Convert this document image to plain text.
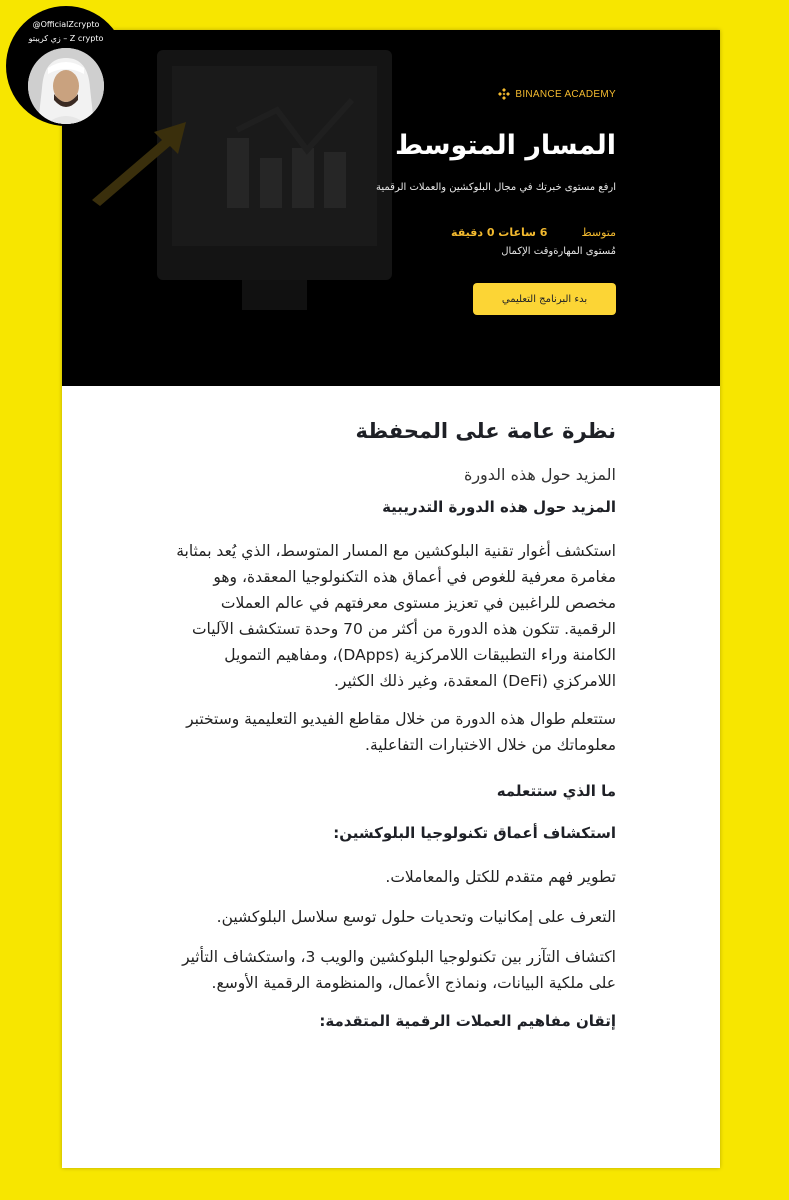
@OfficialZcrypto
زي كريبتو – Z crypto
BINANCE ACADEMY
المسار المتوسط
ارفع مستوى خبرتك في مجال البلوكشين والعملات الرقمية
متوسط
6 ساعات 0 دقيقة
مُستوى المهارة
وقت الإكمال
بدء البرنامج التعليمي
نظرة عامة على المحفظة
المزيد حول هذه الدورة
المزيد حول هذه الدورة التدريبية

استكشف أغوار تقنية البلوكشين مع المسار المتوسط، الذي يُعد بمثابة مغامرة معرفية للغوص في أعماق هذه التكنولوجيا المعقدة، وهو مخصص للراغبين في تعزيز مستوى معرفتهم في عالم العملات الرقمية. تتكون هذه الدورة من أكثر من 70 وحدة تستكشف الآليات الكامنة وراء التطبيقات اللامركزية (DApps)، ومفاهيم التمويل اللامركزي (DeFi) المعقدة، وغير ذلك الكثير.

ستتعلم طوال هذه الدورة من خلال مقاطع الفيديو التعليمية وستختبر معلوماتك من خلال الاختبارات التفاعلية.

ما الذي ستتعلمه
استكشاف أعماق تكنولوجيا البلوكشين:

تطوير فهم متقدم للكتل والمعاملات.

التعرف على إمكانيات وتحديات حلول توسع سلاسل البلوكشين.

اكتشاف التآزر بين تكنولوجيا البلوكشين والويب 3، واستكشاف التأثير على ملكية البيانات، ونماذج الأعمال، والمنظومة الرقمية الأوسع.

إتقان مفاهيم العملات الرقمية المتقدمة:
